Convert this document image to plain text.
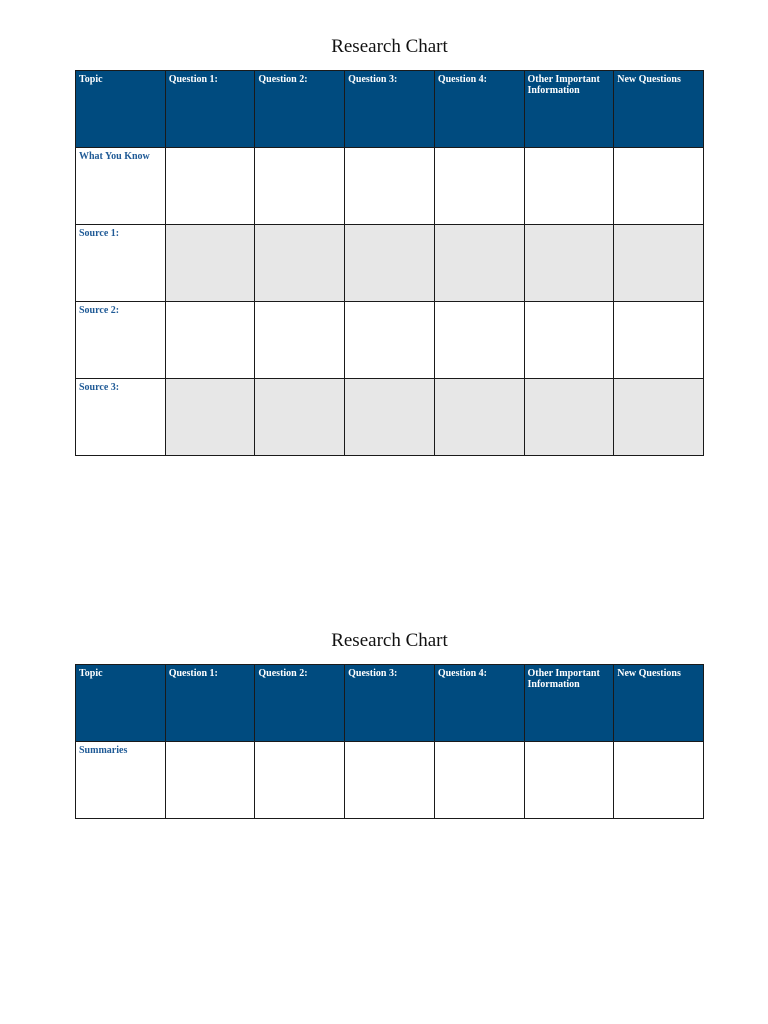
Research Chart
Topic	Question 1:	Question 2:	Question 3:	Question 4:	Other Important Information	New Questions
What You Know						
Source 1:						
Source 2:						
Source 3:						
Research Chart
Topic	Question 1:	Question 2:	Question 3:	Question 4:	Other Important Information	New Questions
Summaries						
